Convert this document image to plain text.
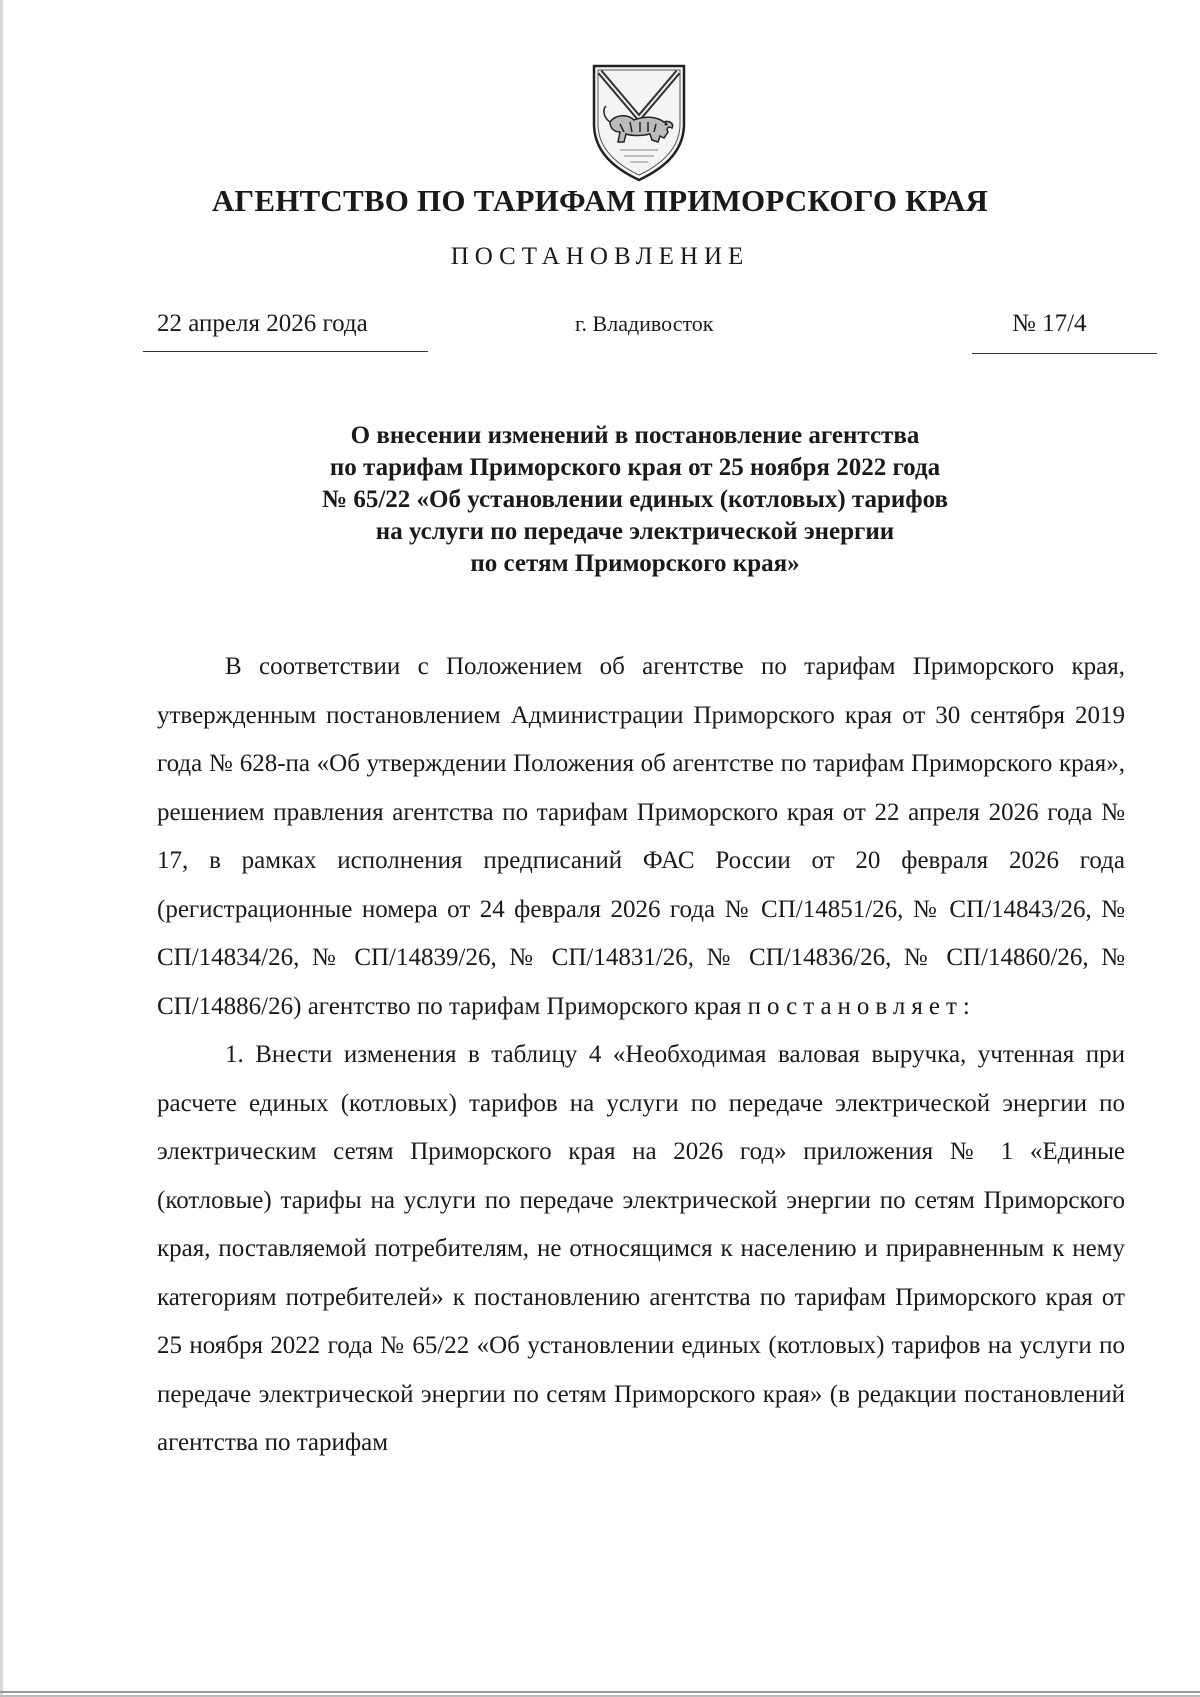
АГЕНТСТВО ПО ТАРИФАМ ПРИМОРСКОГО КРАЯ
ПОСТАНОВЛЕНИЕ
22 апреля 2026 года	г. Владивосток	№ 17/4
О внесении изменений в постановление агентства
по тарифам Приморского края от 25 ноября 2022 года
№ 65/22 «Об установлении единых (котловых) тарифов
на услуги по передаче электрической энергии
по сетям Приморского края»

В соответствии с Положением об агентстве по тарифам Приморского края, утвержденным постановлением Администрации Приморского края от 30 сентября 2019 года № 628-па «Об утверждении Положения об агентстве по тарифам Приморского края», решением правления агентства по тарифам Приморского края от 22 апреля 2026 года № 17, в рамках исполнения предписаний ФАС России от 20 февраля 2026 года (регистрационные номера от 24 февраля 2026 года № СП/14851/26, № СП/14843/26, № СП/14834/26, № СП/14839/26, № СП/14831/26, № СП/14836/26, № СП/14860/26, № СП/14886/26) агентство по тарифам Приморского края постановляет:

1. Внести изменения в таблицу 4 «Необходимая валовая выручка, учтенная при расчете единых (котловых) тарифов на услуги по передаче электрической энергии по электрическим сетям Приморского края на 2026 год» приложения № 1 «Единые (котловые) тарифы на услуги по передаче электрической энергии по сетям Приморского края, поставляемой потребителям, не относящимся к населению и приравненным к нему категориям потребителей» к постановлению агентства по тарифам Приморского края от 25 ноября 2022 года № 65/22 «Об установлении единых (котловых) тарифов на услуги по передаче электрической энергии по сетям Приморского края» (в редакции постановлений агентства по тарифам
